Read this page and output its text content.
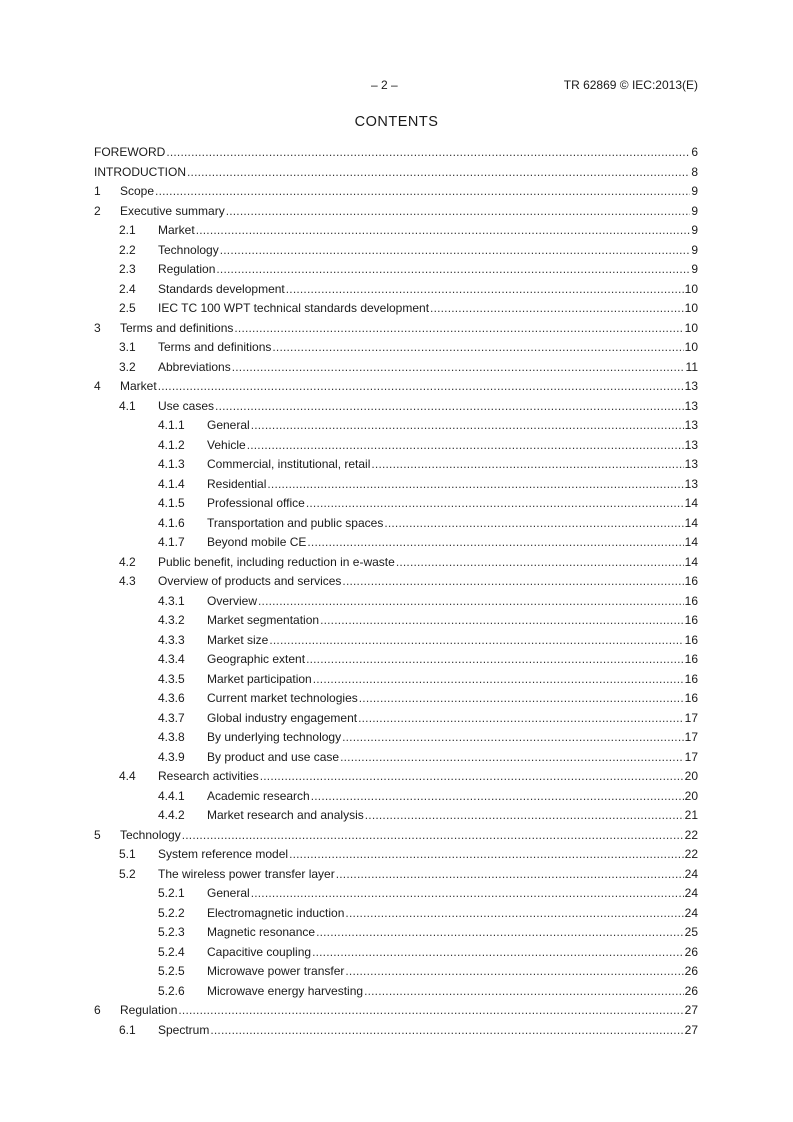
– 2 –	TR 62869 © IEC:2013(E)
CONTENTS
FOREWORD .....	6
INTRODUCTION .....	8
1 Scope .....	9
2 Executive summary .....	9
2.1 Market .....	9
2.2 Technology .....	9
2.3 Regulation .....	9
2.4 Standards development .....	10
2.5 IEC TC 100 WPT technical standards development .....	10
3 Terms and definitions .....	10
3.1 Terms and definitions .....	10
3.2 Abbreviations .....	11
4 Market .....	13
4.1 Use cases .....	13
4.1.1 General .....	13
4.1.2 Vehicle .....	13
4.1.3 Commercial, institutional, retail .....	13
4.1.4 Residential .....	13
4.1.5 Professional office .....	14
4.1.6 Transportation and public spaces .....	14
4.1.7 Beyond mobile CE .....	14
4.2 Public benefit, including reduction in e-waste .....	14
4.3 Overview of products and services .....	16
4.3.1 Overview .....	16
4.3.2 Market segmentation .....	16
4.3.3 Market size .....	16
4.3.4 Geographic extent .....	16
4.3.5 Market participation .....	16
4.3.6 Current market technologies .....	16
4.3.7 Global industry engagement .....	17
4.3.8 By underlying technology .....	17
4.3.9 By product and use case .....	17
4.4 Research activities .....	20
4.4.1 Academic research .....	20
4.4.2 Market research and analysis .....	21
5 Technology .....	22
5.1 System reference model .....	22
5.2 The wireless power transfer layer .....	24
5.2.1 General .....	24
5.2.2 Electromagnetic induction .....	24
5.2.3 Magnetic resonance .....	25
5.2.4 Capacitive coupling .....	26
5.2.5 Microwave power transfer .....	26
5.2.6 Microwave energy harvesting .....	26
6 Regulation .....	27
6.1 Spectrum .....	27
